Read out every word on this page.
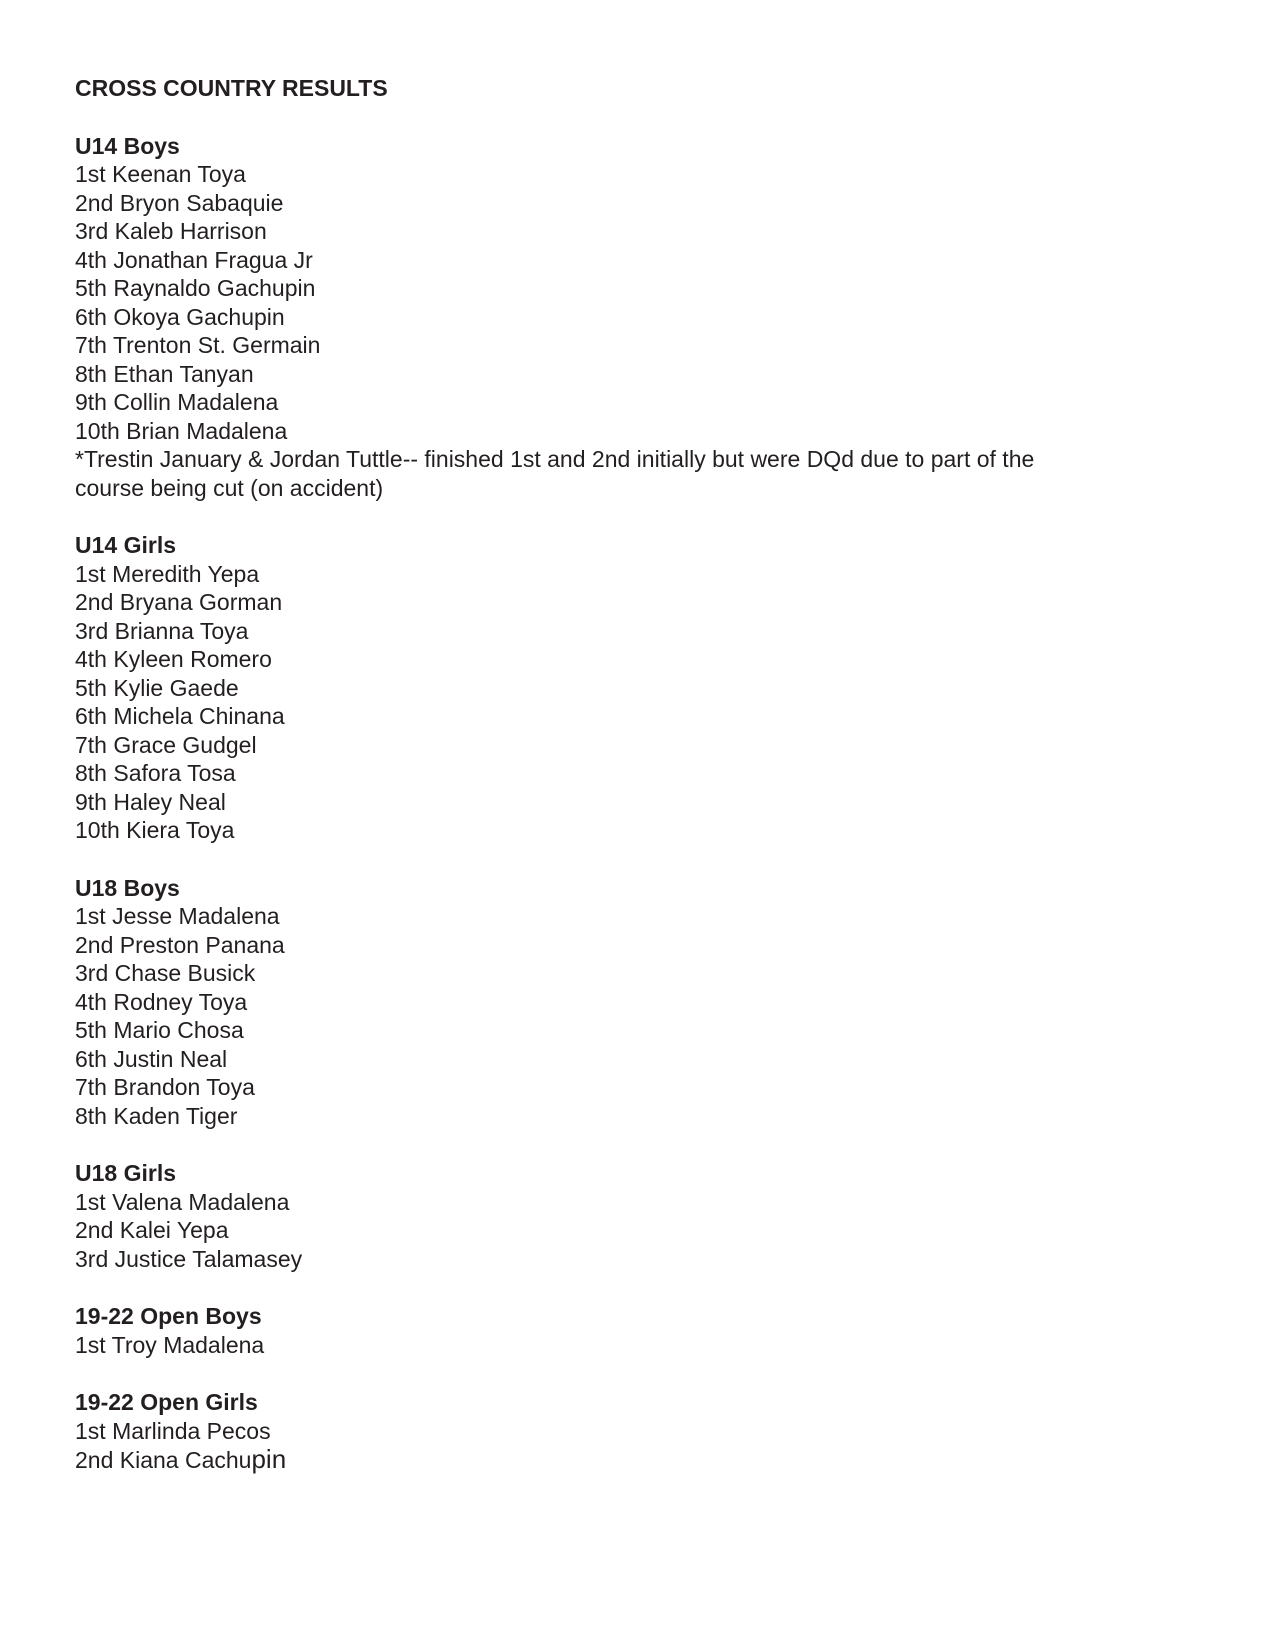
CROSS COUNTRY RESULTS
U14 Boys
1st Keenan Toya
2nd Bryon Sabaquie
3rd Kaleb Harrison
4th Jonathan Fragua Jr
5th Raynaldo Gachupin
6th Okoya Gachupin
7th Trenton St. Germain
8th Ethan Tanyan
9th Collin Madalena
10th Brian Madalena
*Trestin January & Jordan Tuttle-- finished 1st and 2nd initially but were DQd due to part of the
course being cut (on accident)
U14 Girls
1st Meredith Yepa
2nd Bryana Gorman
3rd Brianna Toya
4th Kyleen Romero
5th Kylie Gaede
6th Michela Chinana
7th Grace Gudgel
8th Safora Tosa
9th Haley Neal
10th Kiera Toya
U18 Boys
1st Jesse Madalena
2nd Preston Panana
3rd Chase Busick
4th Rodney Toya
5th Mario Chosa
6th Justin Neal
7th Brandon Toya
8th Kaden Tiger
U18 Girls
1st Valena Madalena
2nd Kalei Yepa
3rd Justice Talamasey
19-22 Open Boys
1st Troy Madalena
19-22 Open Girls
1st Marlinda Pecos
2nd Kiana Cachupin
